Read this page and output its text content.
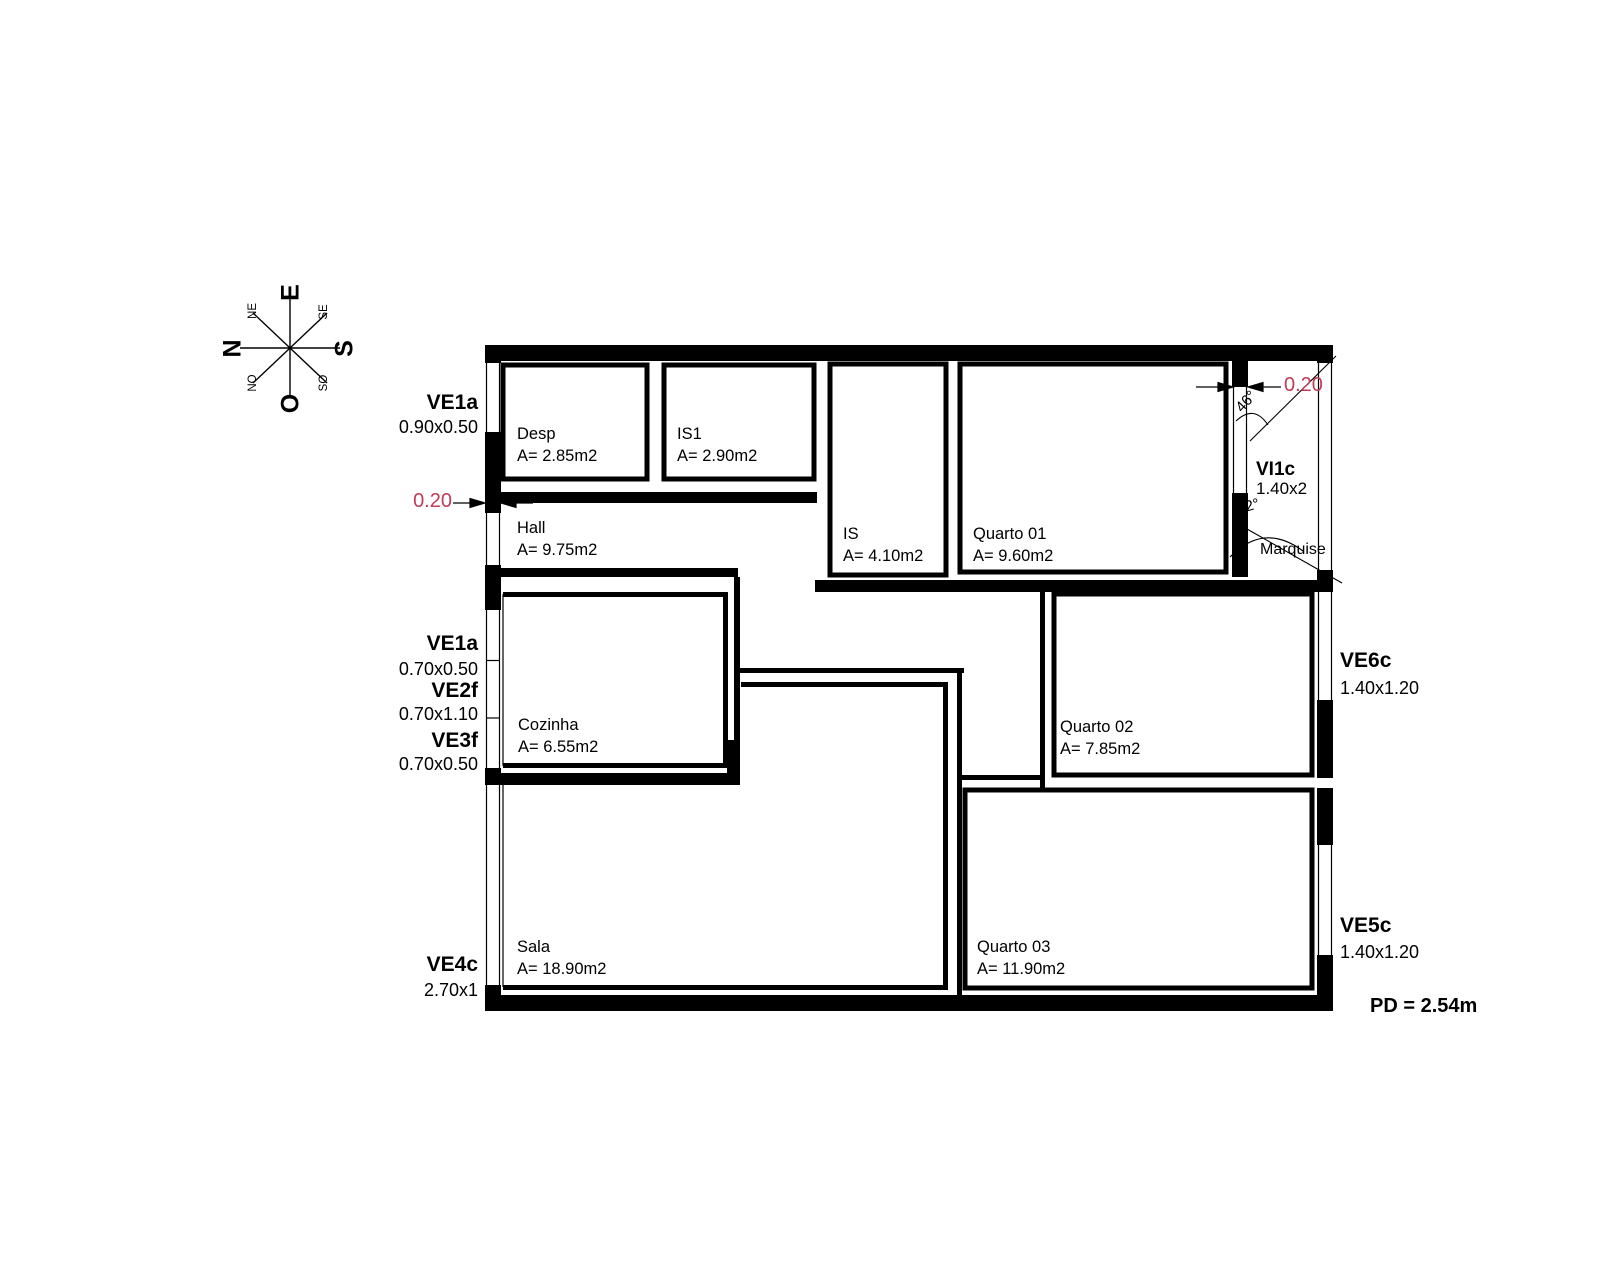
N
E
S
O
NE	SE
NO	SO
VE1a
0.90x0.50
VE1a
0.70x0.50
VE2f
0.70x1.10
VE3f
0.70x0.50
VE4c
2.70x1
VE6c
1.40x1.20
VE5c
1.40x1.20
VI1c
1.40x2
Marquise
46°
32°
0.20
0.20
Desp
A= 2.85m2
IS1
A= 2.90m2
Hall
A= 9.75m2
IS
A= 4.10m2
Quarto 01
A= 9.60m2
Cozinha
A= 6.55m2
Quarto 02
A= 7.85m2
Sala
A= 18.90m2
Quarto 03
A= 11.90m2
PD = 2.54m
